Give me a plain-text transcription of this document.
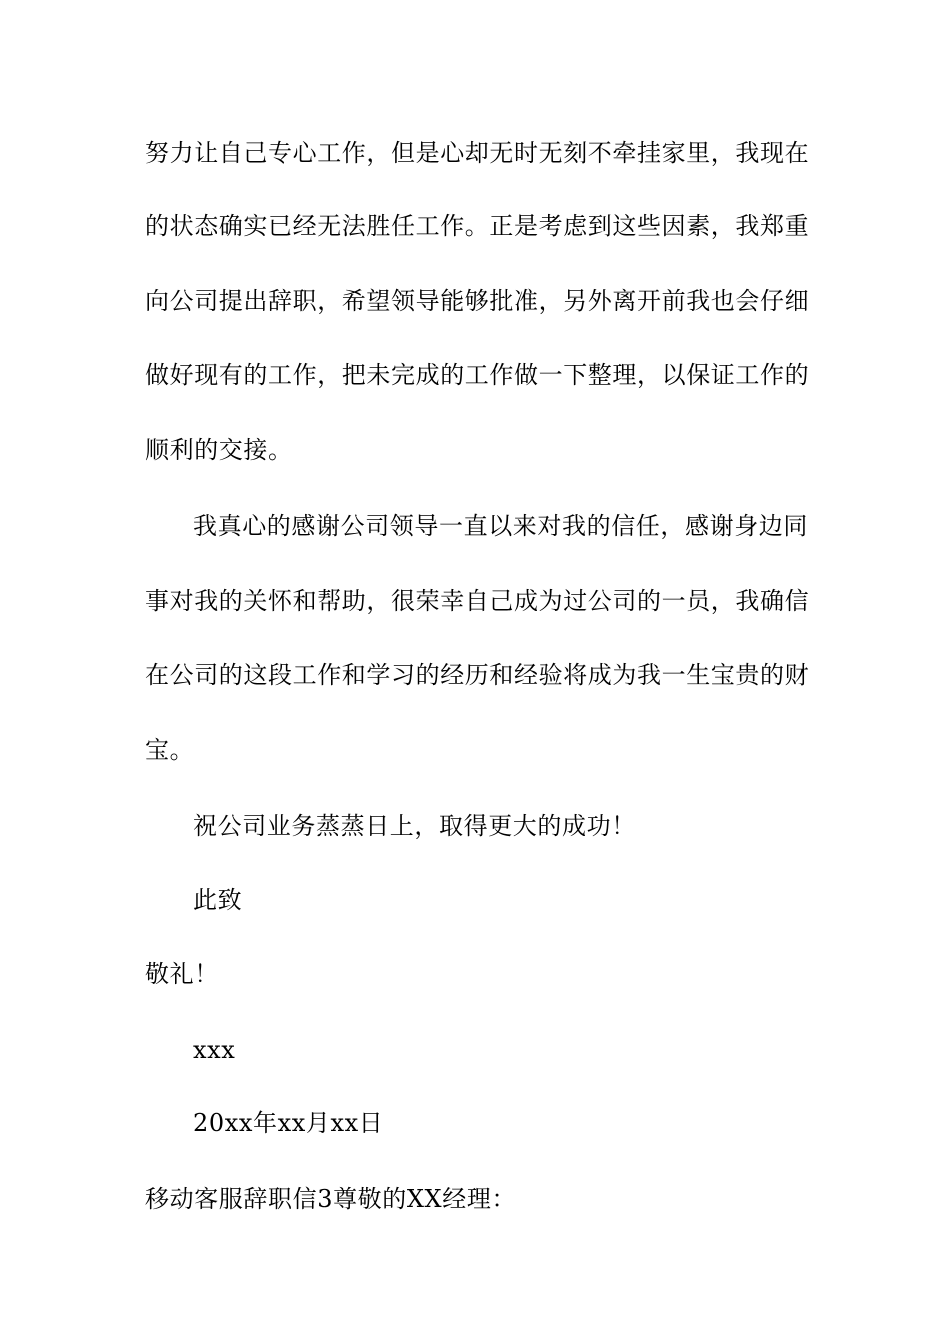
努力让自己专心工作，但是心却无时无刻不牵挂家里，我现在
的状态确实已经无法胜任工作。正是考虑到这些因素，我郑重
向公司提出辞职，希望领导能够批准，另外离开前我也会仔细
做好现有的工作，把未完成的工作做一下整理，以保证工作的
顺利的交接。
我真心的感谢公司领导一直以来对我的信任，感谢身边同
事对我的关怀和帮助，很荣幸自己成为过公司的一员，我确信
在公司的这段工作和学习的经历和经验将成为我一生宝贵的财
宝。
祝公司业务蒸蒸日上，取得更大的成功！
此致
敬礼！
xxx
20xx年xx月xx日
移动客服辞职信3尊敬的XX经理：
